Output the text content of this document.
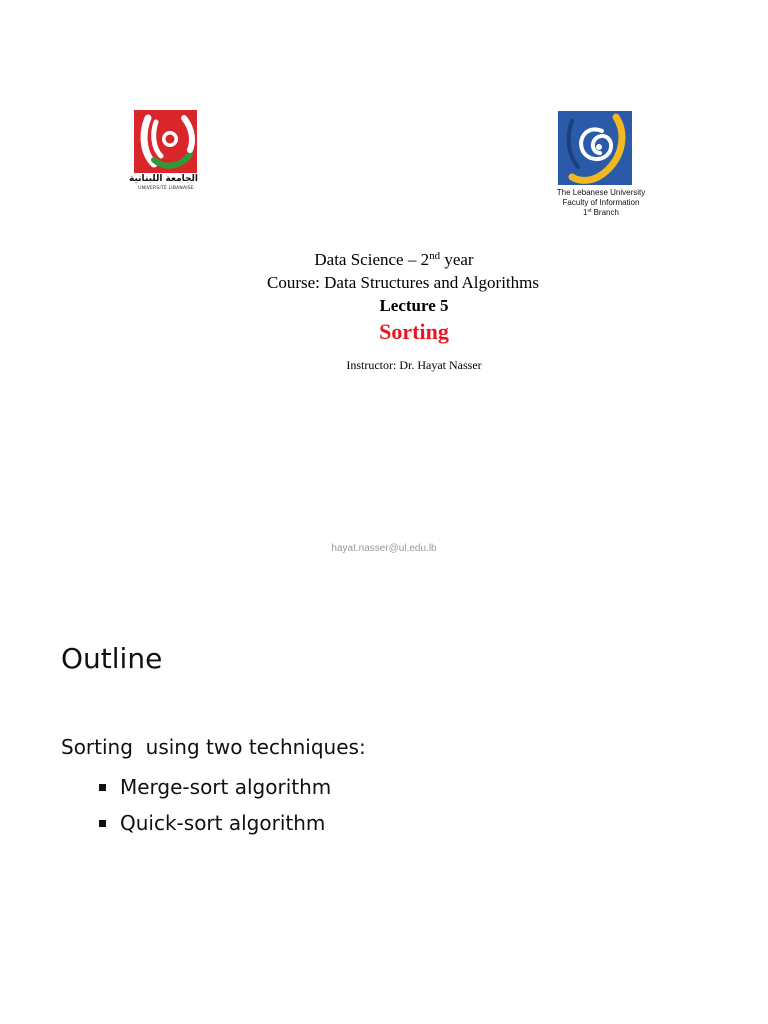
الجامعة اللبنانية
UNIVERSITÉ LIBANAISE	The Lebanese University
Faculty of Information
1st Branch
Data Science – 2nd year
Course: Data Structures and Algorithms
Lecture 5
Sorting
Instructor: Dr. Hayat Nasser
hayat.nasser@ul.edu.lb
Outline
Sorting  using two techniques:
Merge-sort algorithm
Quick-sort algorithm
